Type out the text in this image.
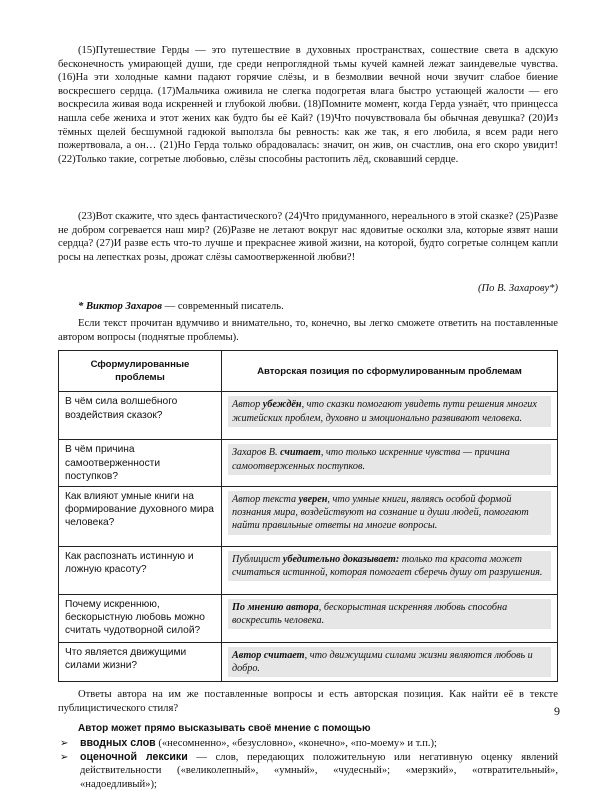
(15)Путешествие Герды — это путешествие в духовных пространствах, сошествие света в адскую бесконечность умирающей души, где среди непроглядной тьмы кучей камней лежат заиндевелые чувства. (16)На эти холодные камни падают горячие слёзы, и в безмолвии вечной ночи звучит слабое биение воскресшего сердца. (17)Мальчика оживила не слегка подогретая влага быстро устающей жалости — его воскресила живая вода искренней и глубокой любви. (18)Помните момент, когда Герда узнаёт, что принцесса нашла себе жениха и этот жених как будто бы её Кай? (19)Что почувствовала бы обычная девушка? (20)Из тёмных щелей бесшумной гадюкой выползла бы ревность: как же так, я его любила, я всем ради него пожертвовала, а он… (21)Но Герда только обрадовалась: значит, он жив, он счастлив, она его скоро увидит! (22)Только такие, согретые любовью, слёзы способны растопить лёд, сковавший сердце.

(23)Вот скажите, что здесь фантастического? (24)Что придуманного, нереального в этой сказке? (25)Разве не добром согревается наш мир? (26)Разве не летают вокруг нас ядовитые осколки зла, которые язвят наши сердца? (27)И разве есть что-то лучше и прекраснее живой жизни, на которой, будто согретые солнцем капли росы на лепестках розы, дрожат слёзы самоотверженной любви?!

(По В. Захарову*)

* Виктор Захаров — современный писатель.

Если текст прочитан вдумчиво и внимательно, то, конечно, вы легко сможете ответить на поставленные автором вопросы (поднятые проблемы).

Сформулированные проблемы	Авторская позиция по сформулированным проблемам
В чём сила волшебного воздействия сказок?	Автор убеждён, что сказки помогают увидеть пути решения многих житейских проблем, духовно и эмоционально развивают человека.

В чём причина самоотверженности поступков?	Захаров В. считает, что только искренние чувства — причина самоотверженных поступков.

Как влияют умные книги на формирование духовного мира человека?	Автор текста уверен, что умные книги, являясь особой формой познания мира, воздействуют на сознание и души людей, помогают найти правильные ответы на многие вопросы.

Как распознать истинную и ложную красоту?	Публицист убедительно доказывает: только та красота может считаться истинной, которая помогает сберечь душу от разрушения.

Почему искреннюю, бескорыстную любовь можно считать чудотворной силой?	По мнению автора, бескорыстная искренняя любовь способна воскресить человека.

Что является движущими силами жизни?	Автор считает, что движущими силами жизни являются любовь и добро.

Ответы автора на им же поставленные вопросы и есть авторская позиция. Как найти её в тексте публицистического стиля?

Автор может прямо высказывать своё мнение с помощью

➢ вводных слов («несомненно», «безусловно», «конечно», «по-моему» и т.п.);
➢ оценочной лексики — слов, передающих положительную или негативную оценку явлений действительности («великолепный», «умный», «чудесный»; «мерзкий», «отвратительный», «надоедливый»);
9
